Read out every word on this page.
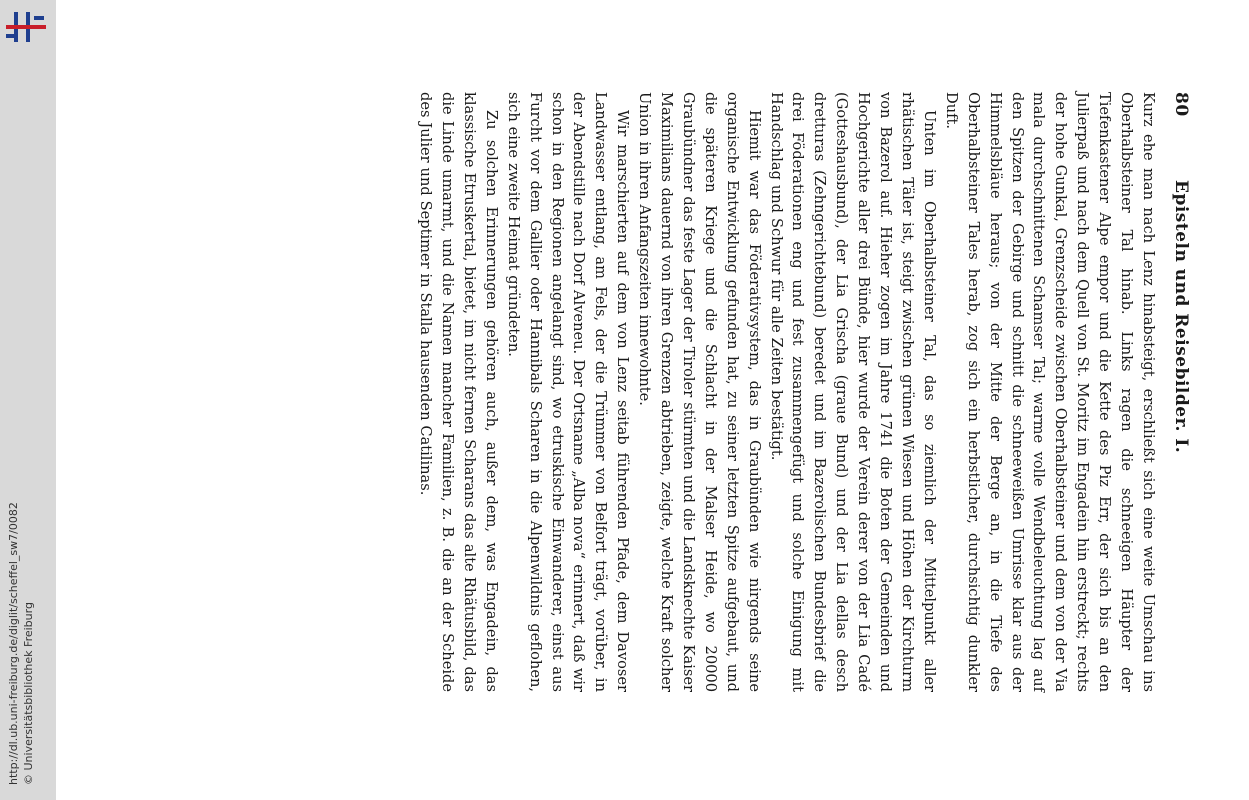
http://dl.ub.uni-freiburg.de/diglit/scheffel_sw7/0082 © Universitätsbibliothek Freiburg
80
Episteln und Reisebilder. I.

Kurz ehe man nach Lenz hinabsteigt, erschließt sich eine weite Umschau ins Oberhalbsteiner Tal hinab. Links ragen die schneeigen Häupter der Tiefenkastener Alpe empor und die Kette des Piz Err, der sich bis an den Julierpaß und nach dem Quell von St. Moritz im Engadein hin erstreckt; rechts der hohe Gunkal, Grenzscheide zwischen Oberhalbsteiner und dem von der Via mala durchschnittenen Schamser Tal; warme volle Wendbeleuchtung lag auf den Spitzen der Gebirge und schnitt die schneeweißen Umrisse klar aus der Himmelsbläue heraus; von der Mitte der Berge an, in die Tiefe des Oberhalbsteiner Tales herab, zog sich ein herbstlicher, durchsichtig dunkler Duft.

Unten im Oberhalbsteiner Tal, das so ziemlich der Mittelpunkt aller rhätischen Täler ist, steigt zwischen grünen Wiesen und Höhen der Kirchturm von Bazerol auf. Hieher zogen im Jahre 1741 die Boten der Gemeinden und Hochgerichte aller drei Bünde, hier wurde der Verein derer von der Lia Cadé (Gotteshausbund), der Lia Grischa (graue Bund) und der Lia dellas desch dretturas (Zehngerichtebund) beredet und im Bazerolischen Bundesbrief die drei Föderationen eng und fest zusammengefügt und solche Einigung mit Handschlag und Schwur für alle Zeiten bestätigt.

Hiemit war das Föderativsystem, das in Graubünden wie nirgends seine organische Entwicklung gefunden hat, zu seiner letzten Spitze aufgebaut, und die späteren Kriege und die Schlacht in der Malser Heide, wo 20000 Graubündner das feste Lager der Tiroler stürmten und die Landsknechte Kaiser Maximilians dauernd von ihren Grenzen abtrieben, zeigte, welche Kraft solcher Union in ihren Anfangszeiten innewohnte.

Wir marschierten auf dem von Lenz seitab führenden Pfade, dem Davoser Landwasser entlang, am Fels, der die Trümmer von Belfort trägt, vorüber, in der Abendstille nach Dorf Alveneu. Der Ortsname „Alba nova“ erinnert, daß wir schon in den Regionen angelangt sind, wo etruskische Einwanderer, einst aus Furcht vor dem Gallier oder Hannibals Scharen in die Alpenwildnis geflohen, sich eine zweite Heimat gründeten.

Zu solchen Erinnerungen gehören auch, außer dem, was Engadein, das klassische Etruskertal, bietet, im nicht fernen Scharans das alte Rhätusbild, das die Linde umarmt, und die Namen mancher Familien, z. B. die an der Scheide des Julier und Septimer in Stalla hausenden Catilinas.
